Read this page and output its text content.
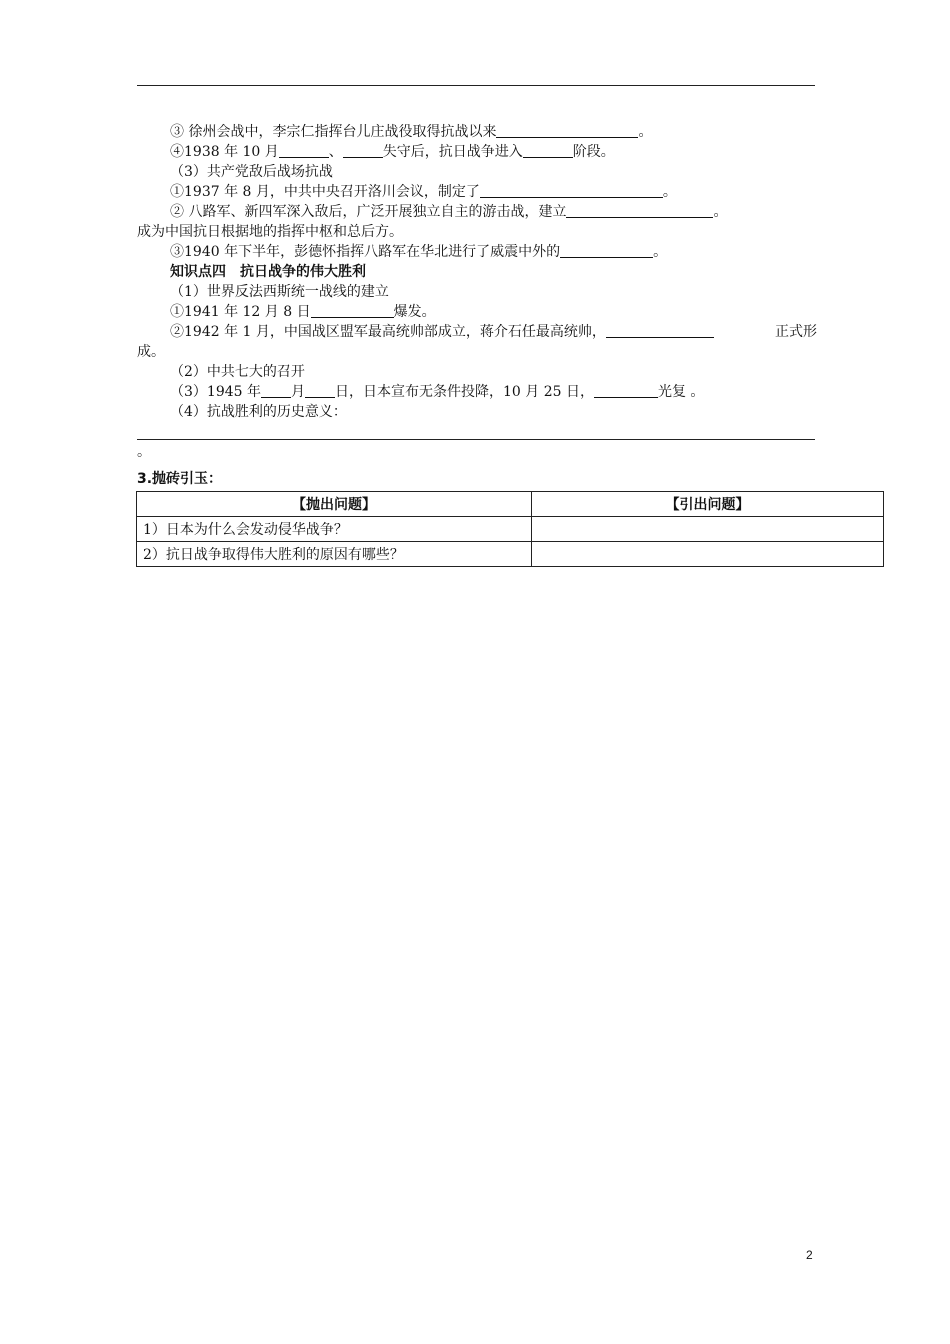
③ 徐州会战中，李宗仁指挥台儿庄战役取得抗战以来	。
④1938 年 10 月	、	失守后，抗日战争进入	阶段。
（3）共产党敌后战场抗战
①1937 年 8 月，中共中央召开洛川会议，制定了	。
② 八路军、新四军深入敌后，广泛开展独立自主的游击战，建立	。
成为中国抗日根据地的指挥中枢和总后方。
③1940 年下半年，彭德怀指挥八路军在华北进行了威震中外的	。
知识点四　抗日战争的伟大胜利
（1）世界反法西斯统一战线的建立
①1941 年 12 月 8 日	爆发。
②1942 年 1 月，中国战区盟军最高统帅部成立，蒋介石任最高统帅，	正式形
成。
（2）中共七大的召开
（3）1945 年 月 日，日本宣布无条件投降，10 月 25 日，	光复 。
（4）抗战胜利的历史意义：
。
3.抛砖引玉：
【抛出问题】	【引出问题】
1）日本为什么会发动侵华战争？	
2）抗日战争取得伟大胜利的原因有哪些？	
2
